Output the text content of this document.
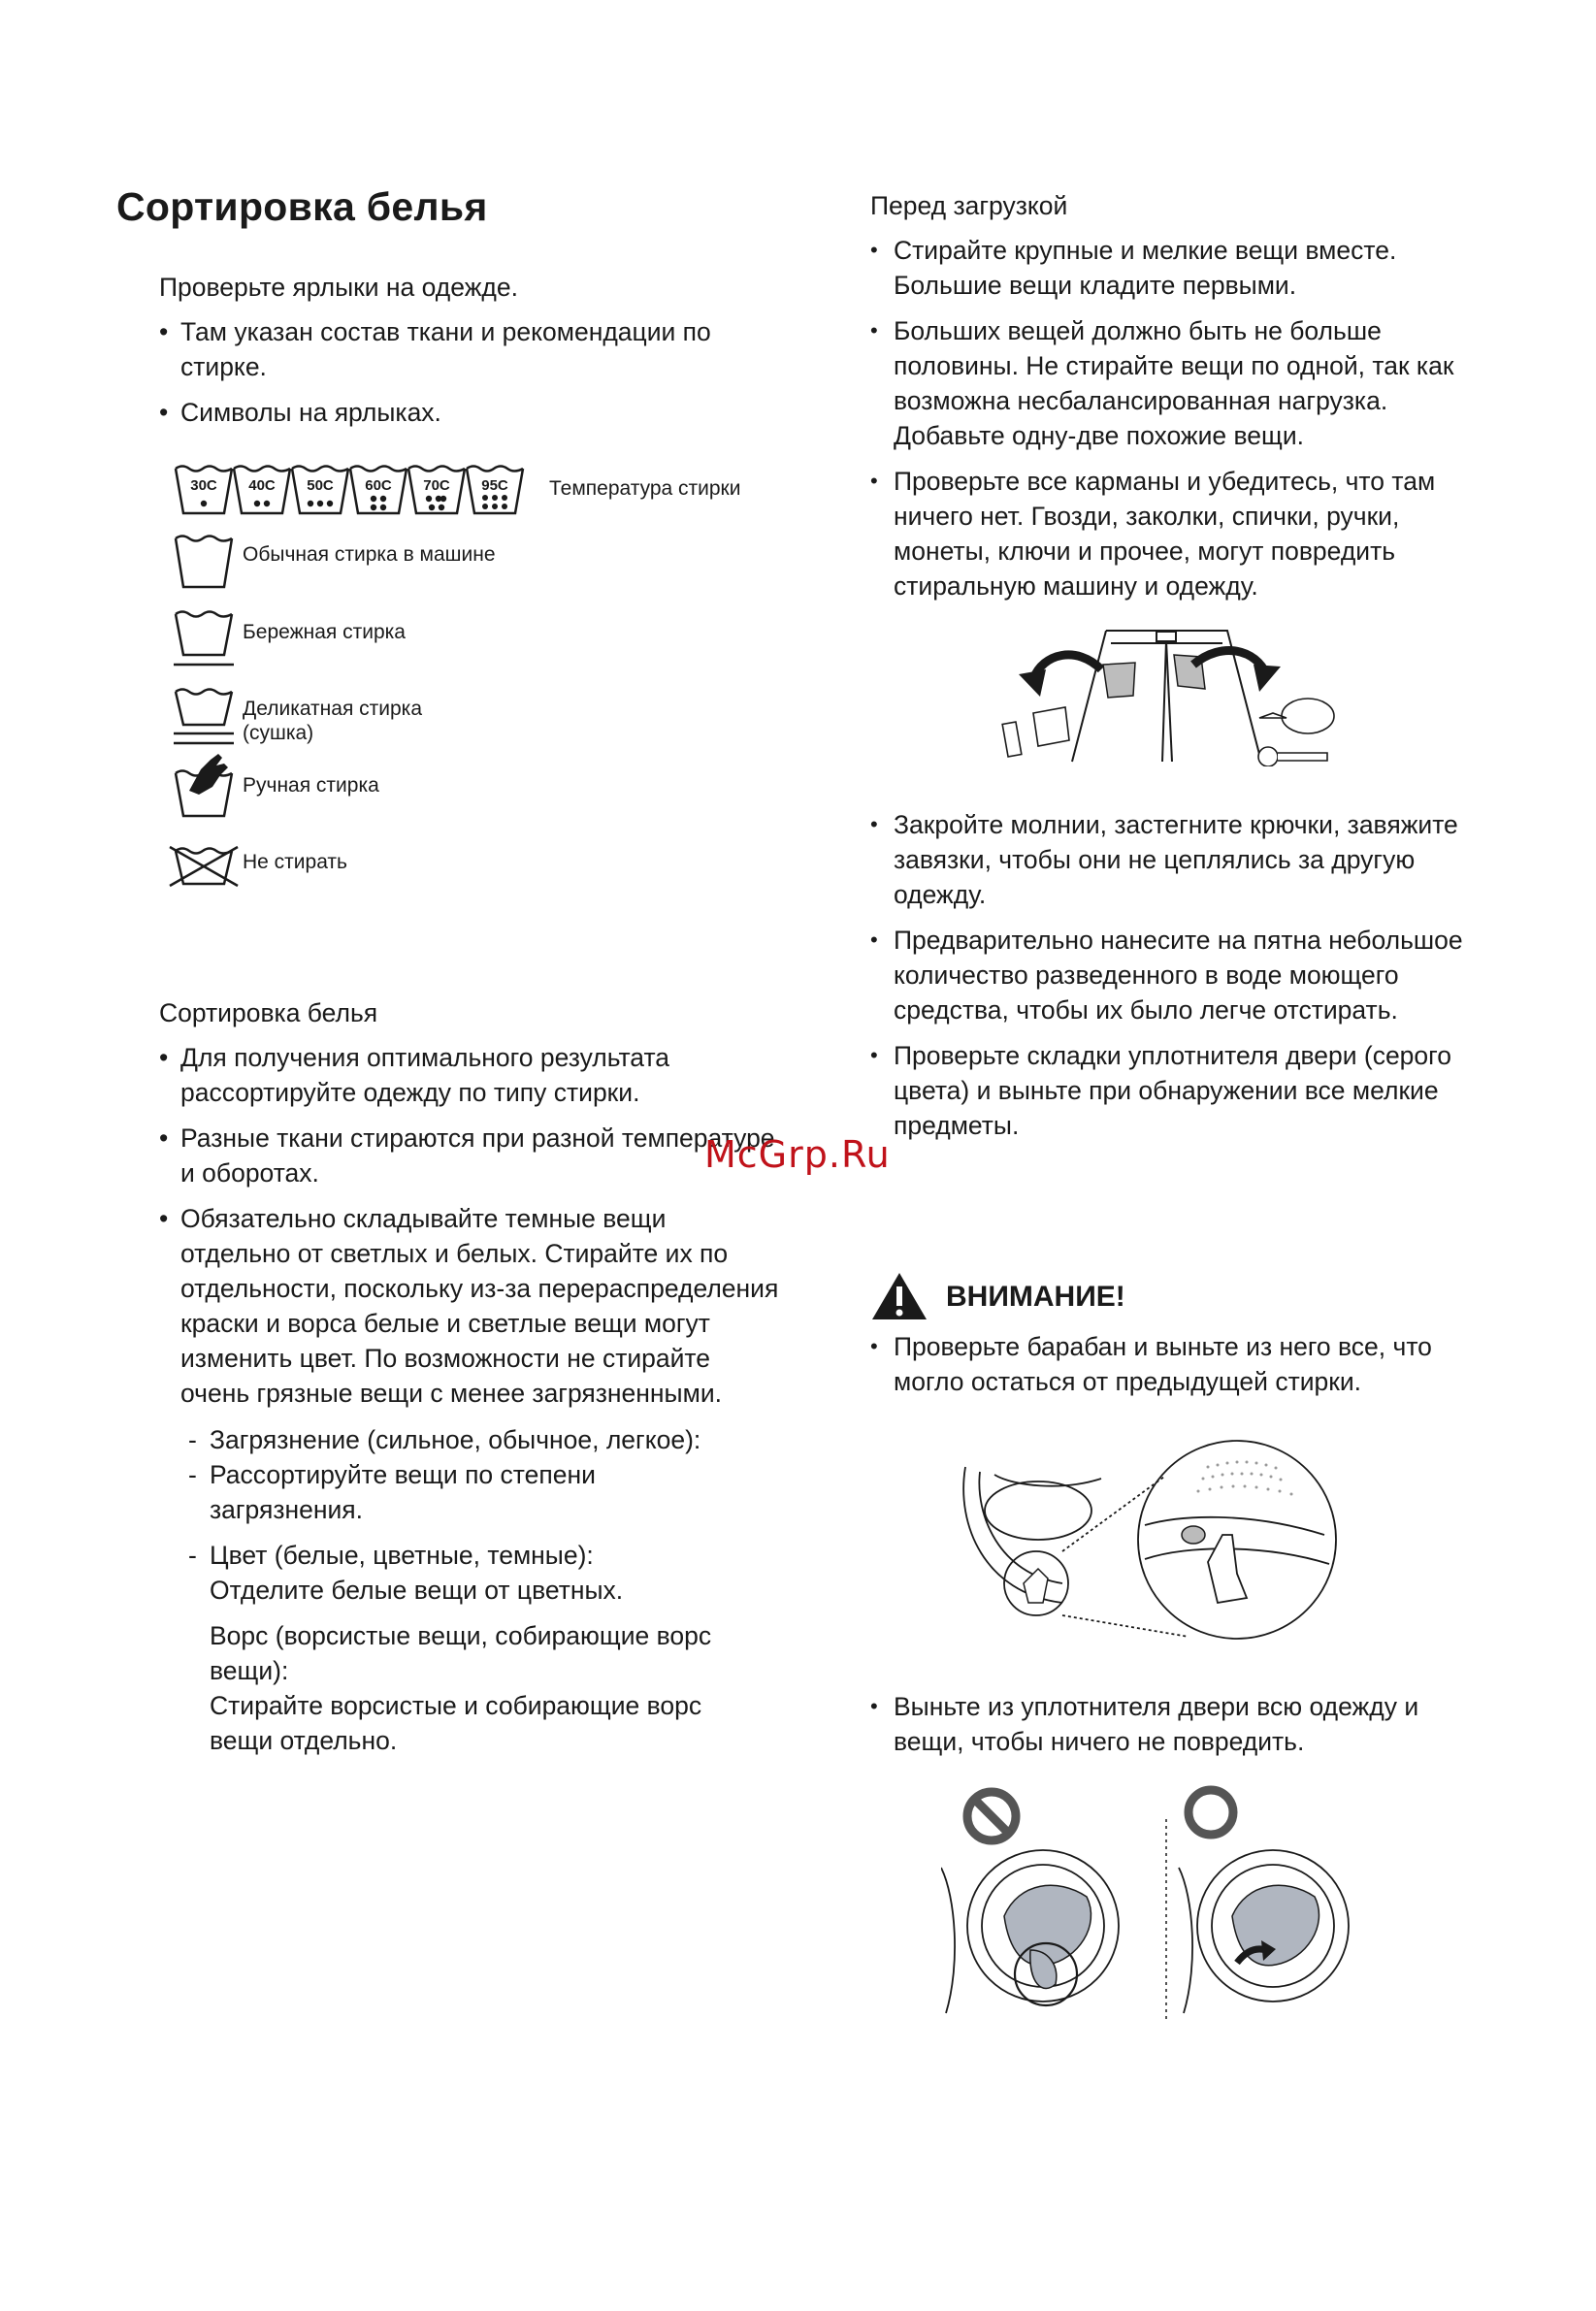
Сортировка белья

Проверьте ярлыки на одежде.

• Там указан состав ткани и рекомендации по стирке.

• Символы на ярлыках.

30C 40C 50C 60C 70C 95C Температура стирки
Обычная стирка в машине
Бережная стирка
Деликатная стирка
(сушка)
Ручная стирка
Не стирать

Сортировка белья

• Для получения оптимального результата рассортируйте одежду по типу стирки.

• Разные ткани стираются при разной температуре и оборотах.

• Обязательно складывайте темные вещи отдельно от светлых и белых. Стирайте их по отдельности, поскольку из-за перераспределения краски и ворса белые и светлые вещи могут изменить цвет. По возможности не стирайте очень грязные вещи с менее загрязненными.

- Загрязнение (сильное, обычное, легкое):

- Рассортируйте вещи по степени
загрязнения.

- Цвет (белые, цветные, темные):
Отделите белые вещи от цветных.

Ворс (ворсистые вещи, собирающие ворс
вещи):
Стирайте ворсистые и собирающие ворс
вещи отдельно.

Перед загрузкой

• Стирайте крупные и мелкие вещи вместе. Большие вещи кладите первыми.

• Больших вещей должно быть не больше половины. Не стирайте вещи по одной, так как возможна несбалансированная нагрузка. Добавьте одну-две похожие вещи.

• Проверьте все карманы и убедитесь, что там ничего нет. Гвозди, заколки, спички, ручки, монеты, ключи и прочее, могут повредить стиральную машину и одежду.

• Закройте молнии, застегните крючки, завяжите завязки, чтобы они не цеплялись за другую одежду.

• Предварительно нанесите на пятна небольшое количество разведенного в воде моющего средства, чтобы их было легче отстирать.

• Проверьте складки уплотнителя двери (серого цвета) и выньте при обнаружении все мелкие предметы.

McGrp.Ru
ВНИМАНИЕ!

• Проверьте барабан и выньте из него все, что могло остаться от предыдущей стирки.

• Выньте из уплотнителя двери всю одежду и вещи, чтобы ничего не повредить.
